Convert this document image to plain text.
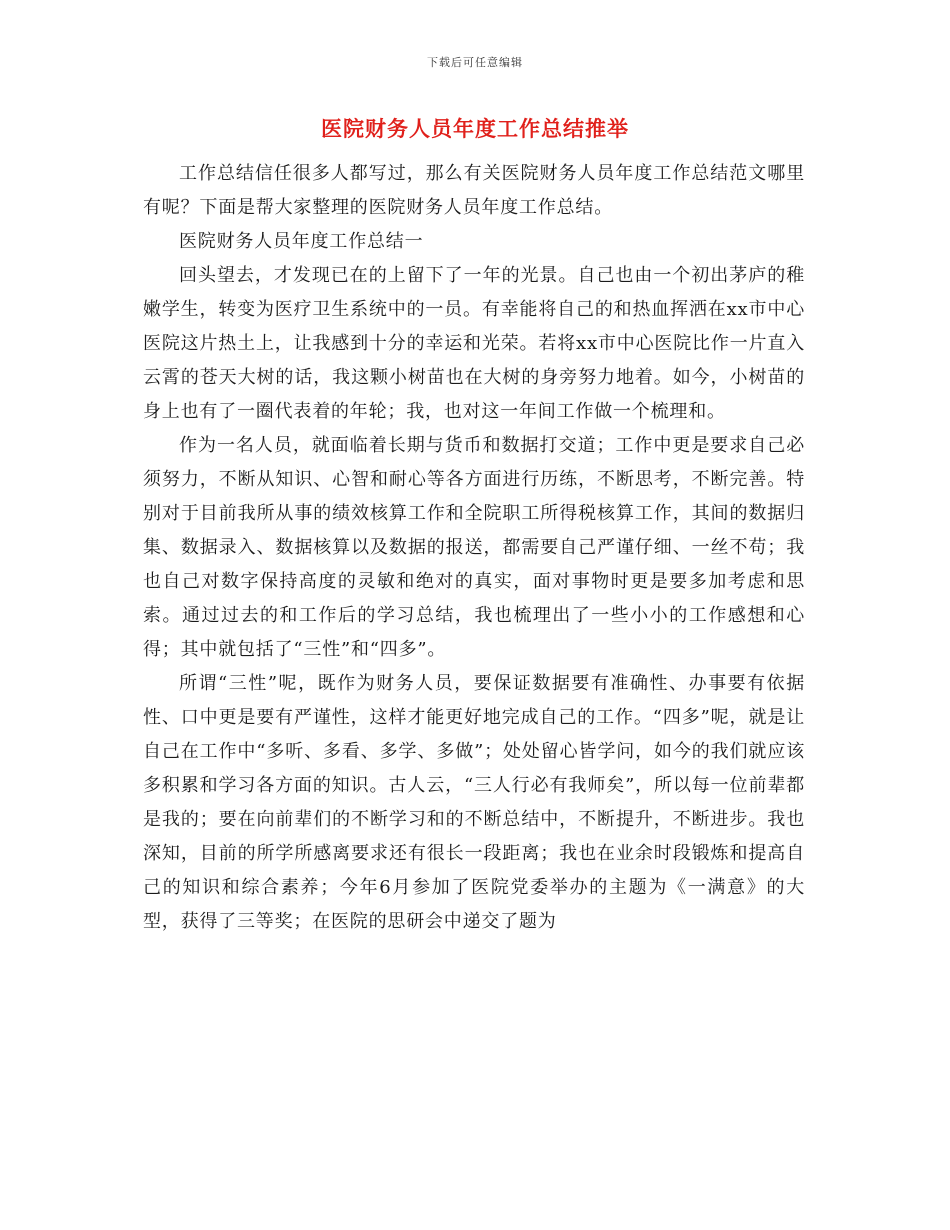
下载后可任意编辑
医院财务人员年度工作总结推举

工作总结信任很多人都写过，那么有关医院财务人员年度工作总结范文哪里有呢？下面是帮大家整理的医院财务人员年度工作总结。

医院财务人员年度工作总结一

回头望去，才发现已在的上留下了一年的光景。自己也由一个初出茅庐的稚嫩学生，转变为医疗卫生系统中的一员。有幸能将自己的和热血挥洒在xx市中心医院这片热土上，让我感到十分的幸运和光荣。若将xx市中心医院比作一片直入云霄的苍天大树的话，我这颗小树苗也在大树的身旁努力地着。如今，小树苗的身上也有了一圈代表着的年轮；我，也对这一年间工作做一个梳理和。

作为一名人员，就面临着长期与货币和数据打交道；工作中更是要求自己必须努力，不断从知识、心智和耐心等各方面进行历练，不断思考，不断完善。特别对于目前我所从事的绩效核算工作和全院职工所得税核算工作，其间的数据归集、数据录入、数据核算以及数据的报送，都需要自己严谨仔细、一丝不苟；我也自己对数字保持高度的灵敏和绝对的真实，面对事物时更是要多加考虑和思索。通过过去的和工作后的学习总结，我也梳理出了一些小小的工作感想和心得；其中就包括了“三性”和“四多”。

所谓“三性”呢，既作为财务人员，要保证数据要有准确性、办事要有依据性、口中更是要有严谨性，这样才能更好地完成自己的工作。“四多”呢，就是让自己在工作中“多听、多看、多学、多做”；处处留心皆学问，如今的我们就应该多积累和学习各方面的知识。古人云，“三人行必有我师矣”，所以每一位前辈都是我的；要在向前辈们的不断学习和的不断总结中，不断提升，不断进步。我也深知，目前的所学所感离要求还有很长一段距离；我也在业余时段锻炼和提高自己的知识和综合素养；今年6月参加了医院党委举办的主题为《一满意》的大型，获得了三等奖；在医院的思研会中递交了题为
